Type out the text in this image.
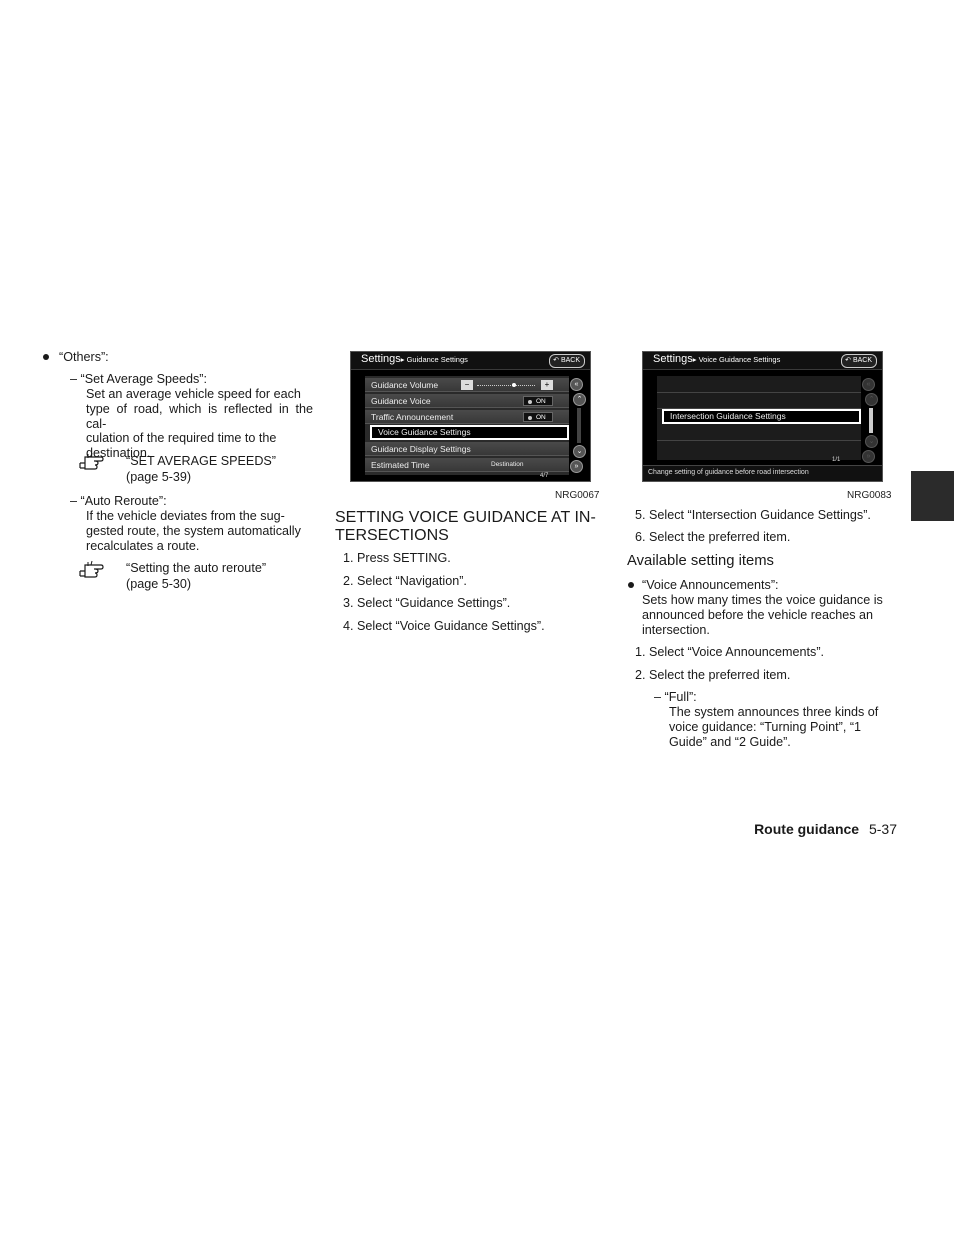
“Others”:
– “Set Average Speeds”:
Set an average vehicle speed for each
type of road, which is reflected in the cal-
culation of the required time to the
destination.
“SET AVERAGE SPEEDS”
(page 5-39)
– “Auto Reroute”:
If the vehicle deviates from the sug-
gested route, the system automatically
recalculates a route.
“Setting the auto reroute”
(page 5-30)
Settings▸ Guidance Settings	↶ BACK
Guidance Volume	−	+
Guidance Voice	ON
Traffic Announcement	ON
Voice Guidance Settings
Guidance Display Settings
Estimated Time	Destination
«
⌃
⌄
»
4/7
NRG0067
SETTING VOICE GUIDANCE AT IN-
TERSECTIONS
1. Press SETTING.
2. Select “Navigation”.
3. Select “Guidance Settings”.
4. Select “Voice Guidance Settings”.
Settings▸ Voice Guidance Settings	↶ BACK
Intersection Guidance Settings
«
⌃
⌄
»
1/1
Change setting of guidance before road intersection
NRG0083
5. Select “Intersection Guidance Settings”.
6. Select the preferred item.
Available setting items
“Voice Announcements”:
Sets how many times the voice guidance is
announced before the vehicle reaches an
intersection.
1. Select “Voice Announcements”.
2. Select the preferred item.
– “Full”:
The system announces three kinds of
voice guidance: “Turning Point”, “1
Guide” and “2 Guide”.
Route guidance 5-37
